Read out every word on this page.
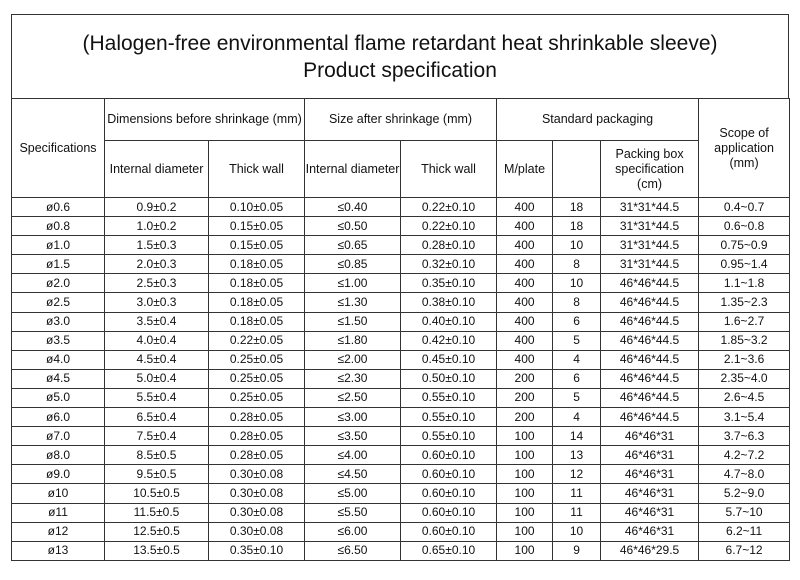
(Halogen-free environmental flame retardant heat shrinkable sleeve)
Product specification
Specifications	Dimensions before shrinkage (mm)		Size after shrinkage (mm)		Standard packaging			Scope of application (mm)
	Internal diameter	Thick wall	Internal diameter	Thick wall	M/plate		Packing box specification (cm)	
ø0.6	0.9±0.2	0.10±0.05	≤0.40	0.22±0.10	400	18	31*31*44.5	0.4~0.7
ø0.8	1.0±0.2	0.15±0.05	≤0.50	0.22±0.10	400	18	31*31*44.5	0.6~0.8
ø1.0	1.5±0.3	0.15±0.05	≤0.65	0.28±0.10	400	10	31*31*44.5	0.75~0.9
ø1.5	2.0±0.3	0.18±0.05	≤0.85	0.32±0.10	400	8	31*31*44.5	0.95~1.4
ø2.0	2.5±0.3	0.18±0.05	≤1.00	0.35±0.10	400	10	46*46*44.5	1.1~1.8
ø2.5	3.0±0.3	0.18±0.05	≤1.30	0.38±0.10	400	8	46*46*44.5	1.35~2.3
ø3.0	3.5±0.4	0.18±0.05	≤1.50	0.40±0.10	400	6	46*46*44.5	1.6~2.7
ø3.5	4.0±0.4	0.22±0.05	≤1.80	0.42±0.10	400	5	46*46*44.5	1.85~3.2
ø4.0	4.5±0.4	0.25±0.05	≤2.00	0.45±0.10	400	4	46*46*44.5	2.1~3.6
ø4.5	5.0±0.4	0.25±0.05	≤2.30	0.50±0.10	200	6	46*46*44.5	2.35~4.0
ø5.0	5.5±0.4	0.25±0.05	≤2.50	0.55±0.10	200	5	46*46*44.5	2.6~4.5
ø6.0	6.5±0.4	0.28±0.05	≤3.00	0.55±0.10	200	4	46*46*44.5	3.1~5.4
ø7.0	7.5±0.4	0.28±0.05	≤3.50	0.55±0.10	100	14	46*46*31	3.7~6.3
ø8.0	8.5±0.5	0.28±0.05	≤4.00	0.60±0.10	100	13	46*46*31	4.2~7.2
ø9.0	9.5±0.5	0.30±0.08	≤4.50	0.60±0.10	100	12	46*46*31	4.7~8.0
ø10	10.5±0.5	0.30±0.08	≤5.00	0.60±0.10	100	11	46*46*31	5.2~9.0
ø11	11.5±0.5	0.30±0.08	≤5.50	0.60±0.10	100	11	46*46*31	5.7~10
ø12	12.5±0.5	0.30±0.08	≤6.00	0.60±0.10	100	10	46*46*31	6.2~11
ø13	13.5±0.5	0.35±0.10	≤6.50	0.65±0.10	100	9	46*46*29.5	6.7~12
